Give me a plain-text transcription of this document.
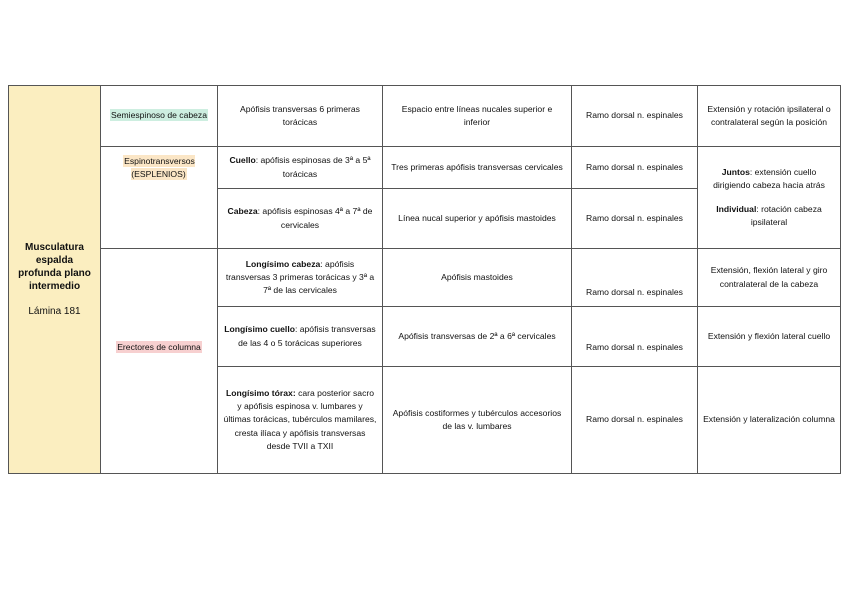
Musculatura espalda profunda plano intermedio
Lámina 181	Semiespinoso de cabeza	Apófisis transversas 6 primeras torácicas	Espacio entre líneas nucales superior e inferior	Ramo dorsal n. espinales	Extensión y rotación ipsilateral o contralateral según la posición
	Espinotransversos (ESPLENIOS)	Cuello: apófisis espinosas de 3ª a 5ª torácicas	Tres primeras apófisis transversas cervicales	Ramo dorsal n. espinales	Juntos: extensión cuello dirigiendo cabeza hacia atrás
Individual: rotación cabeza ipsilateral

		Cabeza: apófisis espinosas 4ª a 7ª de cervicales	Línea nucal superior y apófisis mastoides	Ramo dorsal n. espinales	
	Erectores de columna	Longísimo cabeza: apófisis transversas 3 primeras torácicas y 3ª a 7ª de las cervicales	Apófisis mastoides	Ramo dorsal n. espinales	Extensión, flexión lateral y giro contralateral de la cabeza
		Longísimo cuello: apófisis transversas de las 4 o 5 torácicas superiores	Apófisis transversas de 2ª a 6ª cervicales	Ramo dorsal n. espinales	Extensión y flexión lateral cuello
		Longísimo tórax: cara posterior sacro y apófisis espinosa v. lumbares y últimas torácicas, tubérculos mamilares, cresta ilíaca y apófisis transversas desde TVII a TXII	Apófisis costiformes y tubérculos accesorios de las v. lumbares	Ramo dorsal n. espinales	Extensión y lateralización columna
